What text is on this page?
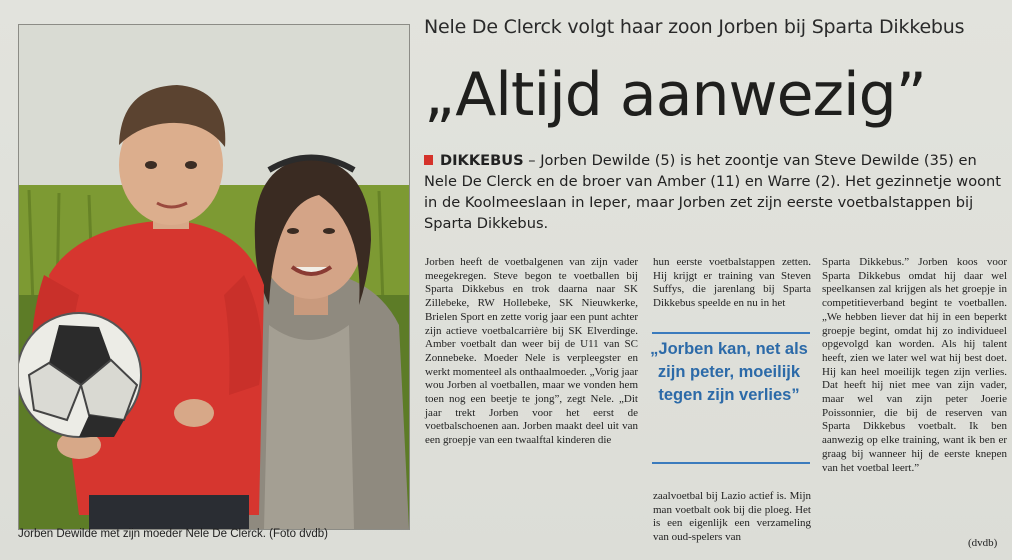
Jorben Dewilde met zijn moeder Nele De Clerck. (Foto dvdb)
Nele De Clerck volgt haar zoon Jorben bij Sparta Dikkebus
„Altijd aanwezig”
DIKKEBUS – Jorben Dewilde (5) is het zoontje van Steve Dewilde (35) en Nele De Clerck en de broer van Amber (11) en Warre (2). Het gezinnetje woont in de Koolmeeslaan in Ieper, maar Jorben zet zijn eerste voetbalstappen bij Sparta Dikkebus.

Jorben heeft de voetbalgenen van zijn vader meegekregen. Steve begon te voetballen bij Sparta Dikkebus en trok daarna naar SK Zillebeke, RW Hollebeke, SK Nieuwkerke, Brielen Sport en zette vorig jaar een punt achter zijn actieve voetbalcarrière bij SK Elverdinge. Amber voetbalt dan weer bij de U11 van SC Zonnebeke. Moeder Nele is verpleegster en werkt momenteel als onthaalmoeder. „Vorig jaar wou Jorben al voetballen, maar we vonden hem toen nog een beetje te jong”, zegt Nele. „Dit jaar trekt Jorben voor het eerst de voetbalschoenen aan. Jorben maakt deel uit van een groepje van een twaalftal kinderen die

hun eerste voetbalstappen zetten. Hij krijgt er training van Steven Suffys, die jarenlang bij Sparta Dikkebus speelde en nu in het

„Jorben kan, net als zijn peter, moeilijk tegen zijn verlies”

zaalvoetbal bij Lazio actief is. Mijn man voetbalt ook bij die ploeg. Het is een eigenlijk een verzameling van oud-spelers van

Sparta Dikkebus.” Jorben koos voor Sparta Dikkebus omdat hij daar wel speelkansen zal krijgen als het groepje in competitieverband begint te voetballen. „We hebben liever dat hij in een beperkt groepje begint, omdat hij zo individueel opgevolgd kan worden. Als hij talent heeft, zien we later wel wat hij best doet. Hij kan heel moeilijk tegen zijn verlies. Dat heeft hij niet mee van zijn vader, maar wel van zijn peter Joerie Poissonnier, die bij de reserven van Sparta Dikkebus voetbalt. Ik ben aanwezig op elke training, want ik ben er graag bij wanneer hij de eerste knepen van het voetbal leert.”

(dvdb)
